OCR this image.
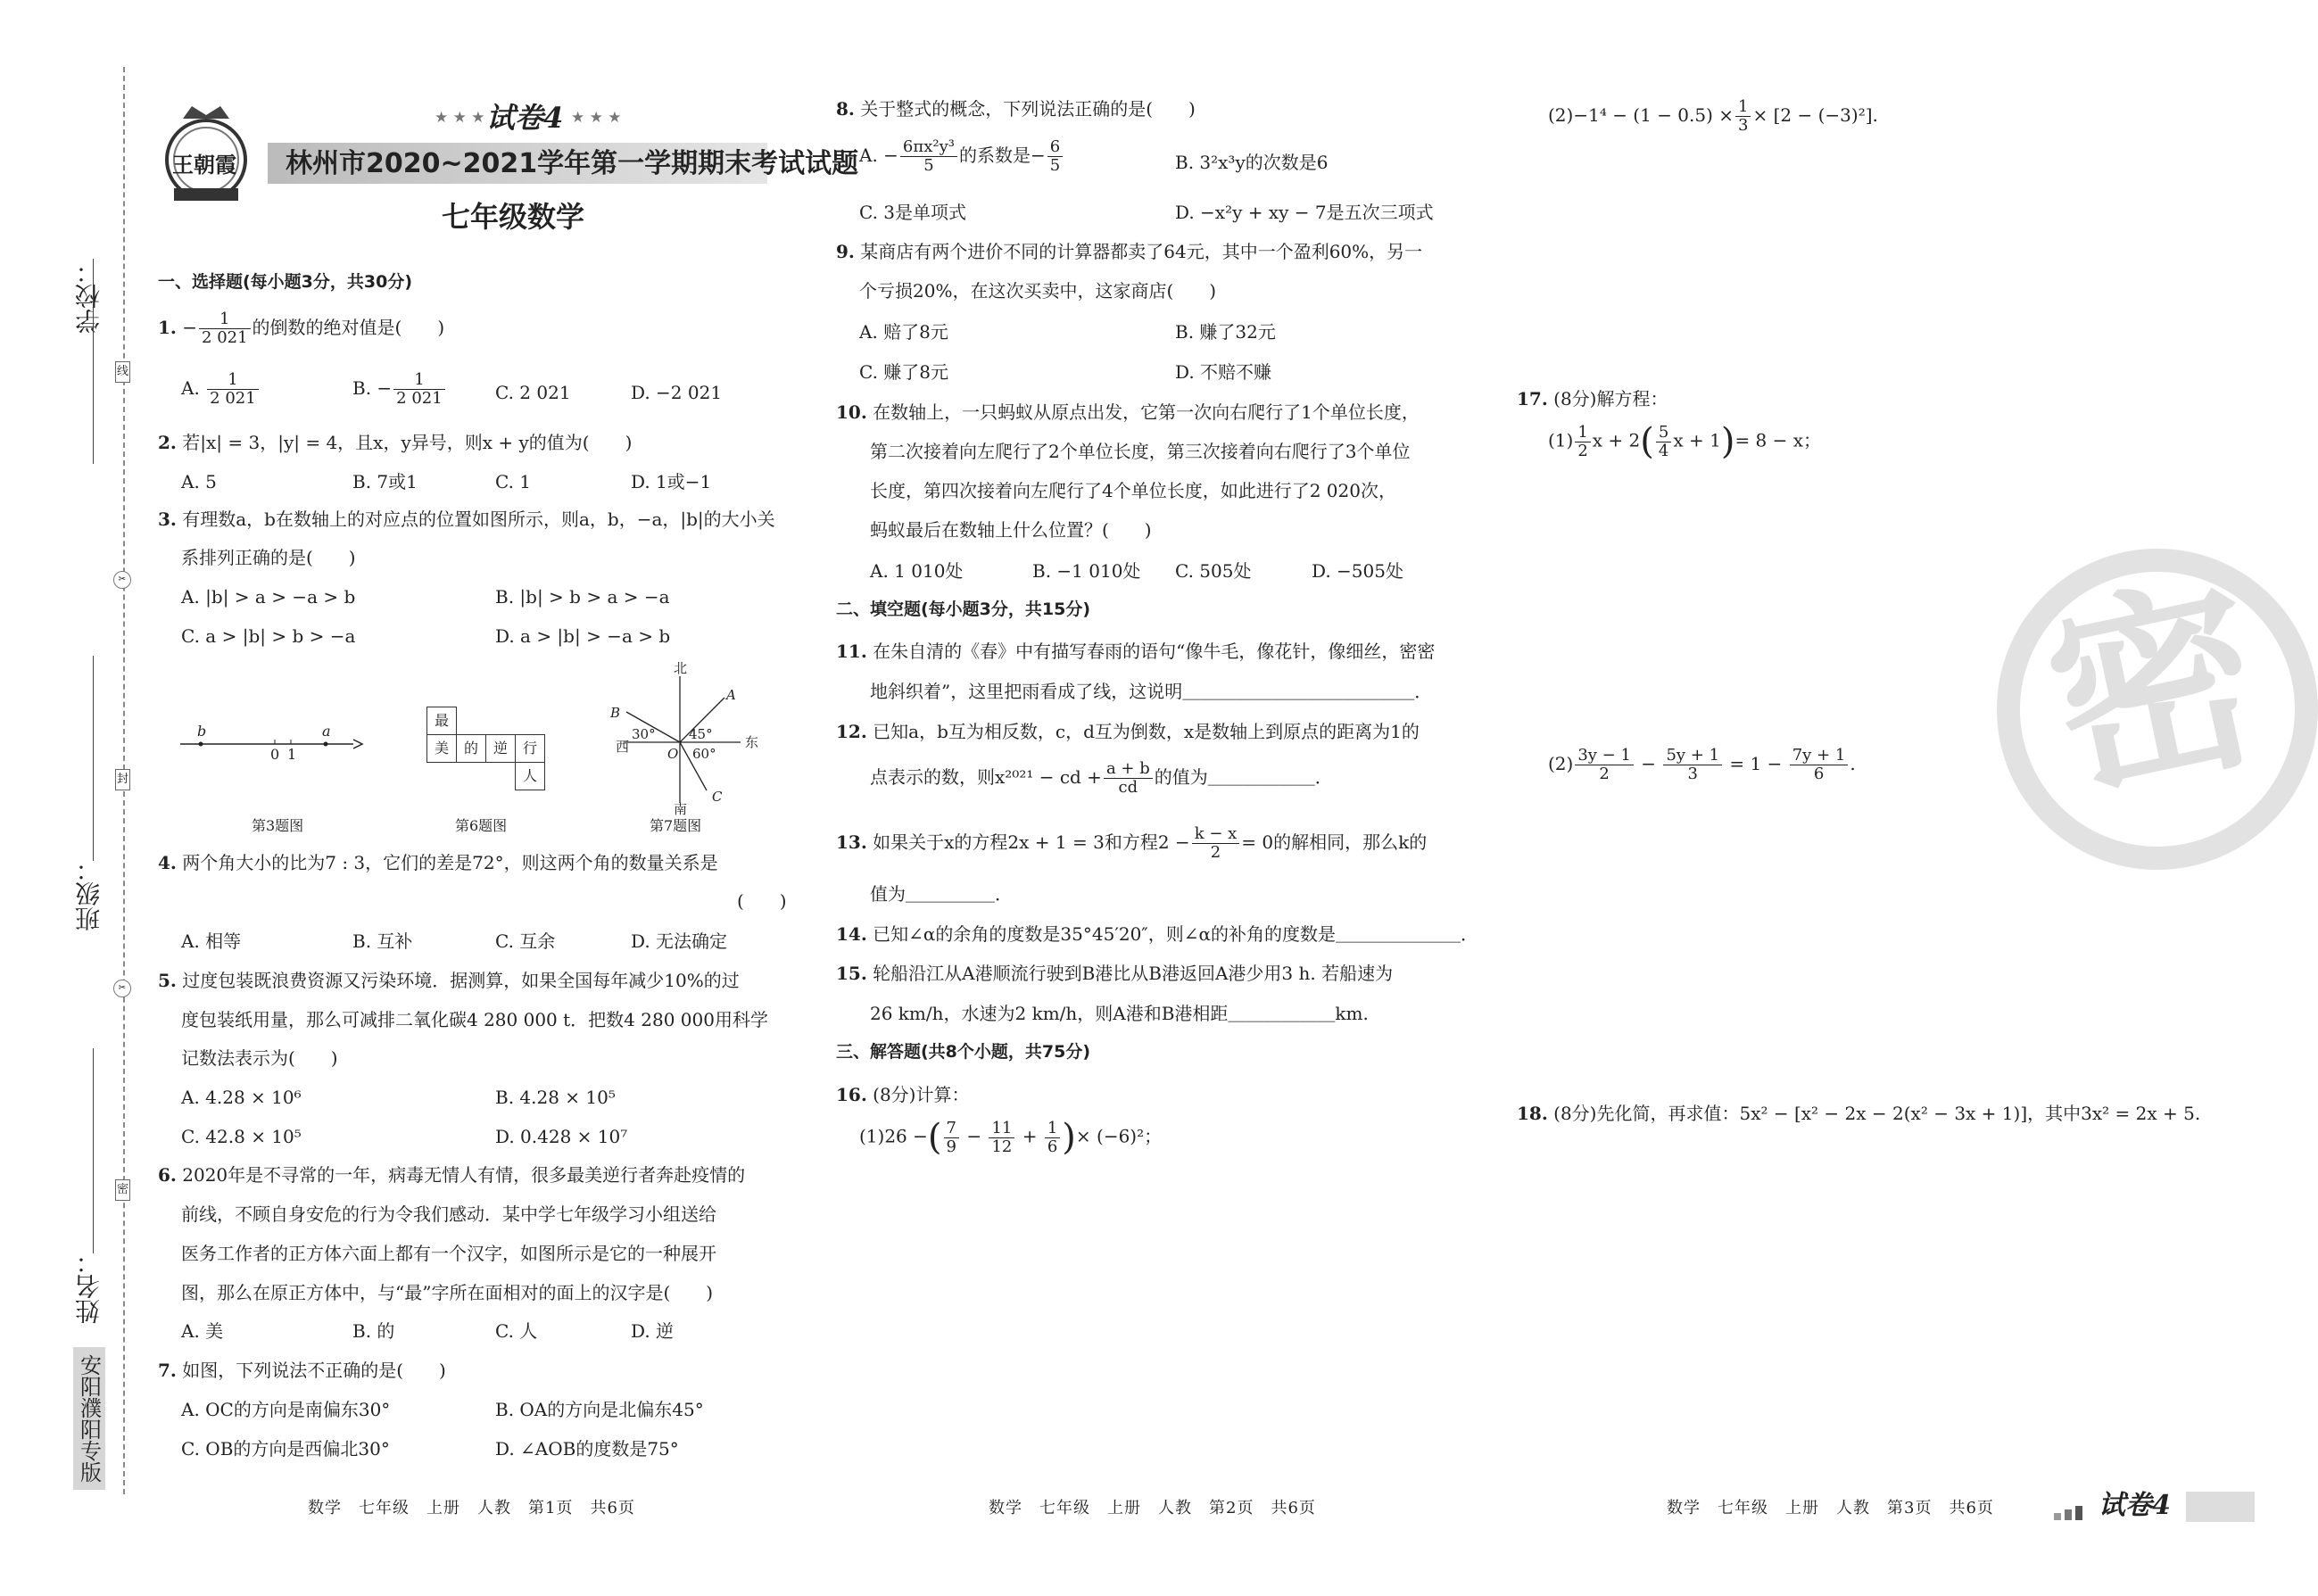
学校：
班级：
姓名：
线
封
密
✂
✂
安阳濮阳专版
王朝霞
★ ★ ★ 试卷4 ★ ★ ★
林州市2020~2021学年第一学期期末考试试题
七年级数学
一、选择题(每小题3分，共30分)
1. − $\frac{1}{2 021}$ 的倒数的绝对值是(　　)
A. $\frac{1}{2 021}$	B. − $\frac{1}{2 021}$	C. 2 021	D. −2 021
2. 若|x| = 3，|y| = 4，且x，y异号，则x + y的值为(　　)
A. 5	B. 7或1	C. 1	D. 1或−1
3. 有理数a，b在数轴上的对应点的位置如图所示，则a，b，−a，|b|的大小关
系排列正确的是(　　)
A. |b| > a > −a > b	B. |b| > b > a > −a
C. a > |b| > b > −a	D. a > |b| > −a > b
b
0 1
a
第3题图
最
美	的	逆	行
人
第6题图
北
南
东
西
A
B
C
O
30° 45°
60°
第7题图
4. 两个角大小的比为7 : 3，它们的差是72°，则这两个角的数量关系是
(　　)
A. 相等	B. 互补	C. 互余	D. 无法确定
5. 过度包装既浪费资源又污染环境．据测算，如果全国每年减少10%的过
度包装纸用量，那么可减排二氧化碳4 280 000 t．把数4 280 000用科学
记数法表示为(　　)
A. 4.28 × 10⁶	B. 4.28 × 10⁵
C. 42.8 × 10⁵	D. 0.428 × 10⁷
6. 2020年是不寻常的一年，病毒无情人有情，很多最美逆行者奔赴疫情的
前线，不顾自身安危的行为令我们感动．某中学七年级学习小组送给
医务工作者的正方体六面上都有一个汉字，如图所示是它的一种展开
图，那么在原正方体中，与“最”字所在面相对的面上的汉字是(　　)
A. 美	B. 的	C. 人	D. 逆
7. 如图，下列说法不正确的是(　　)
A. OC的方向是南偏东30°	B. OA的方向是北偏东45°
C. OB的方向是西偏北30°	D. ∠AOB的度数是75°
8. 关于整式的概念，下列说法正确的是(　　)
A. − $\frac{\text{6πx²y³}}{5}$ 的系数是− $\frac{6}{5}$	B. 3²x³y的次数是6
C. 3是单项式	D. −x²y + xy − 7是五次三项式
9. 某商店有两个进价不同的计算器都卖了64元，其中一个盈利60%，另一
个亏损20%，在这次买卖中，这家商店(　　)
A. 赔了8元	B. 赚了32元
C. 赚了8元	D. 不赔不赚
10. 在数轴上，一只蚂蚁从原点出发，它第一次向右爬行了1个单位长度，
第二次接着向左爬行了2个单位长度，第三次接着向右爬行了3个单位
长度，第四次接着向左爬行了4个单位长度，如此进行了2 020次，
蚂蚁最后在数轴上什么位置？(　　)
A. 1 010处	B. −1 010处 C. 505处	D. −505处
二、填空题(每小题3分，共15分)
11. 在朱自清的《春》中有描写春雨的语句“像牛毛，像花针，像细丝，密密
地斜织着”，这里把雨看成了线，这说明＿＿＿＿＿＿＿＿＿＿＿＿＿．
12. 已知a，b互为相反数，c，d互为倒数，x是数轴上到原点的距离为1的
点表示的数，则x²⁰²¹ − cd + $\frac{a + b}{cd}$ 的值为＿＿＿＿＿＿．
13. 如果关于x的方程2x + 1 = 3和方程$2 - \frac{k - x}{2} = 0$的解相同，那么k的
值为＿＿＿＿＿．
14. 已知∠α的余角的度数是35°45′20″，则∠α的补角的度数是＿＿＿＿＿＿＿．
15. 轮船沿江从A港顺流行驶到B港比从B港返回A港少用3 h. 若船速为
26 km/h，水速为2 km/h，则A港和B港相距＿＿＿＿＿＿km.
三、解答题(共8个小题，共75分)
16. (8分)计算：
(1)26 −( $\frac{7}{9} - \frac{11}{12} + \frac{1}{6}$ )× (−6)²；
$(2)-1^4 - (1 - 0.5) \times \frac{1}{3} \times [2 - (-3)^2]$.
17. (8分)解方程：
$(1) \frac{1}{2}$ $x + 2( \frac{5}{4}$ x + 1)= 8 − x；
$(2) \frac{3y - 1}{2} - \frac{5y + 1}{3} = 1 - \frac{7y + 1}{6}$ .
18. (8分)先化简，再求值：5x² − [x² − 2x − 2(x² − 3x + 1)]，其中3x² = 2x + 5.
密
数学　七年级　上册　人教　第1页　共6页	数学　七年级　上册　人教　第2页　共6页	数学　七年级　上册　人教　第3页　共6页	试卷4
